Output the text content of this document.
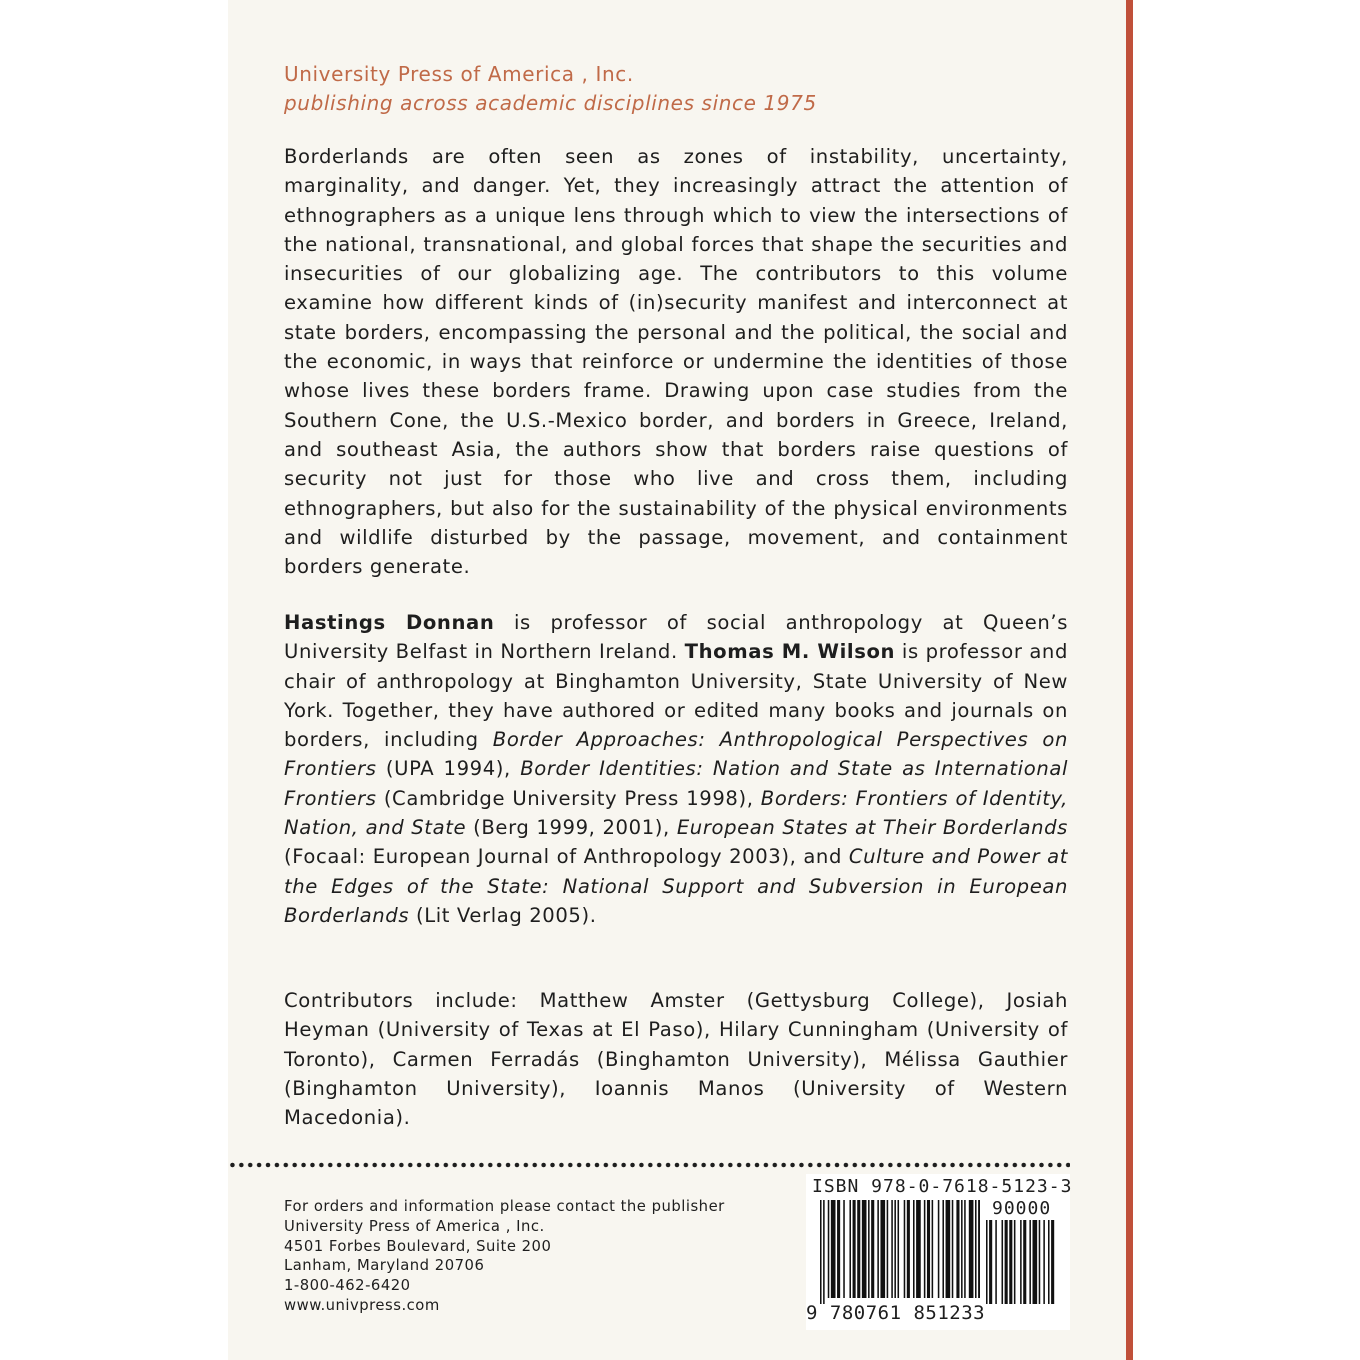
University Press of America , Inc.
publishing across academic disciplines since 1975
Borderlands are often seen as zones of instability, uncertainty, marginality, and danger. Yet, they increasingly attract the attention of ethnographers as a unique lens through which to view the intersections of the national, transnational, and global forces that shape the securities and insecurities of our globalizing age. The contributors to this volume examine how different kinds of (in)security manifest and interconnect at state borders, encompassing the personal and the political, the social and the economic, in ways that reinforce or undermine the identities of those whose lives these borders frame. Drawing upon case studies from the Southern Cone, the U.S.-Mexico border, and borders in Greece, Ireland, and southeast Asia, the authors show that borders raise questions of security not just for those who live and cross them, including ethnographers, but also for the sustainability of the physical environments and wildlife disturbed by the passage, movement, and containment borders generate.
Hastings Donnan is professor of social anthropology at Queen’s University Belfast in Northern Ireland. Thomas M. Wilson is professor and chair of anthropology at Binghamton University, State University of New York. Together, they have authored or edited many books and journals on borders, including Border Approaches: Anthropological Perspectives on Frontiers (UPA 1994), Border Identities: Nation and State as International Frontiers (Cambridge University Press 1998), Borders: Frontiers of Identity, Nation, and State (Berg 1999, 2001), European States at Their Borderlands (Focaal: European Journal of Anthropology 2003), and Culture and Power at the Edges of the State: National Support and Subversion in European Borderlands (Lit Verlag 2005).
Contributors include: Matthew Amster (Gettysburg College), Josiah Heyman (University of Texas at El Paso), Hilary Cunningham (University of Toronto), Carmen Ferradás (Binghamton University), Mélissa Gauthier (Binghamton University), Ioannis Manos (University of Western Macedonia).
For orders and information please contact the publisher
University Press of America , Inc.
4501 Forbes Boulevard, Suite 200
Lanham, Maryland 20706
1-800-462-6420
www.univpress.com
ISBN 978-0-7618-5123-3
90000
9 780761 851233
